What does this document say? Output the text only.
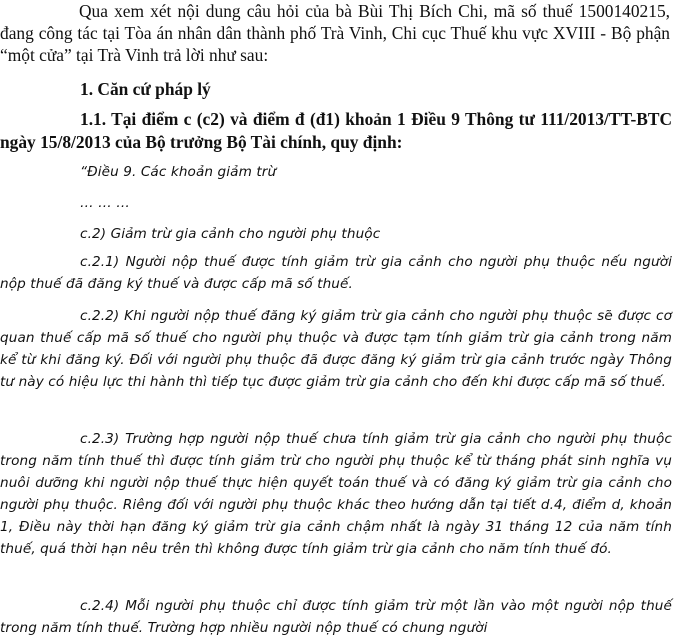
Qua xem xét nội dung câu hỏi của bà Bùi Thị Bích Chi, mã số thuế 1500140215, đang công tác tại Tòa án nhân dân thành phố Trà Vinh, Chi cục Thuế khu vực XVIII - Bộ phận “một cửa” tại Trà Vinh trả lời như sau:

1. Căn cứ pháp lý

1.1. Tại điểm c (c2) và điểm đ (đ1) khoản 1 Điều 9 Thông tư 111/2013/TT-BTC ngày 15/8/2013 của Bộ trưởng Bộ Tài chính, quy định:

“Điều 9. Các khoản giảm trừ

… … …

c.2) Giảm trừ gia cảnh cho người phụ thuộc

c.2.1) Người nộp thuế được tính giảm trừ gia cảnh cho người phụ thuộc nếu người nộp thuế đã đăng ký thuế và được cấp mã số thuế.

c.2.2) Khi người nộp thuế đăng ký giảm trừ gia cảnh cho người phụ thuộc sẽ được cơ quan thuế cấp mã số thuế cho người phụ thuộc và được tạm tính giảm trừ gia cảnh trong năm kể từ khi đăng ký. Đối với người phụ thuộc đã được đăng ký giảm trừ gia cảnh trước ngày Thông tư này có hiệu lực thi hành thì tiếp tục được giảm trừ gia cảnh cho đến khi được cấp mã số thuế.

c.2.3) Trường hợp người nộp thuế chưa tính giảm trừ gia cảnh cho người phụ thuộc trong năm tính thuế thì được tính giảm trừ cho người phụ thuộc kể từ tháng phát sinh nghĩa vụ nuôi dưỡng khi người nộp thuế thực hiện quyết toán thuế và có đăng ký giảm trừ gia cảnh cho người phụ thuộc. Riêng đối với người phụ thuộc khác theo hướng dẫn tại tiết d.4, điểm d, khoản 1, Điều này thời hạn đăng ký giảm trừ gia cảnh chậm nhất là ngày 31 tháng 12 của năm tính thuế, quá thời hạn nêu trên thì không được tính giảm trừ gia cảnh cho năm tính thuế đó.

c.2.4) Mỗi người phụ thuộc chỉ được tính giảm trừ một lần vào một người nộp thuế trong năm tính thuế. Trường hợp nhiều người nộp thuế có chung người
